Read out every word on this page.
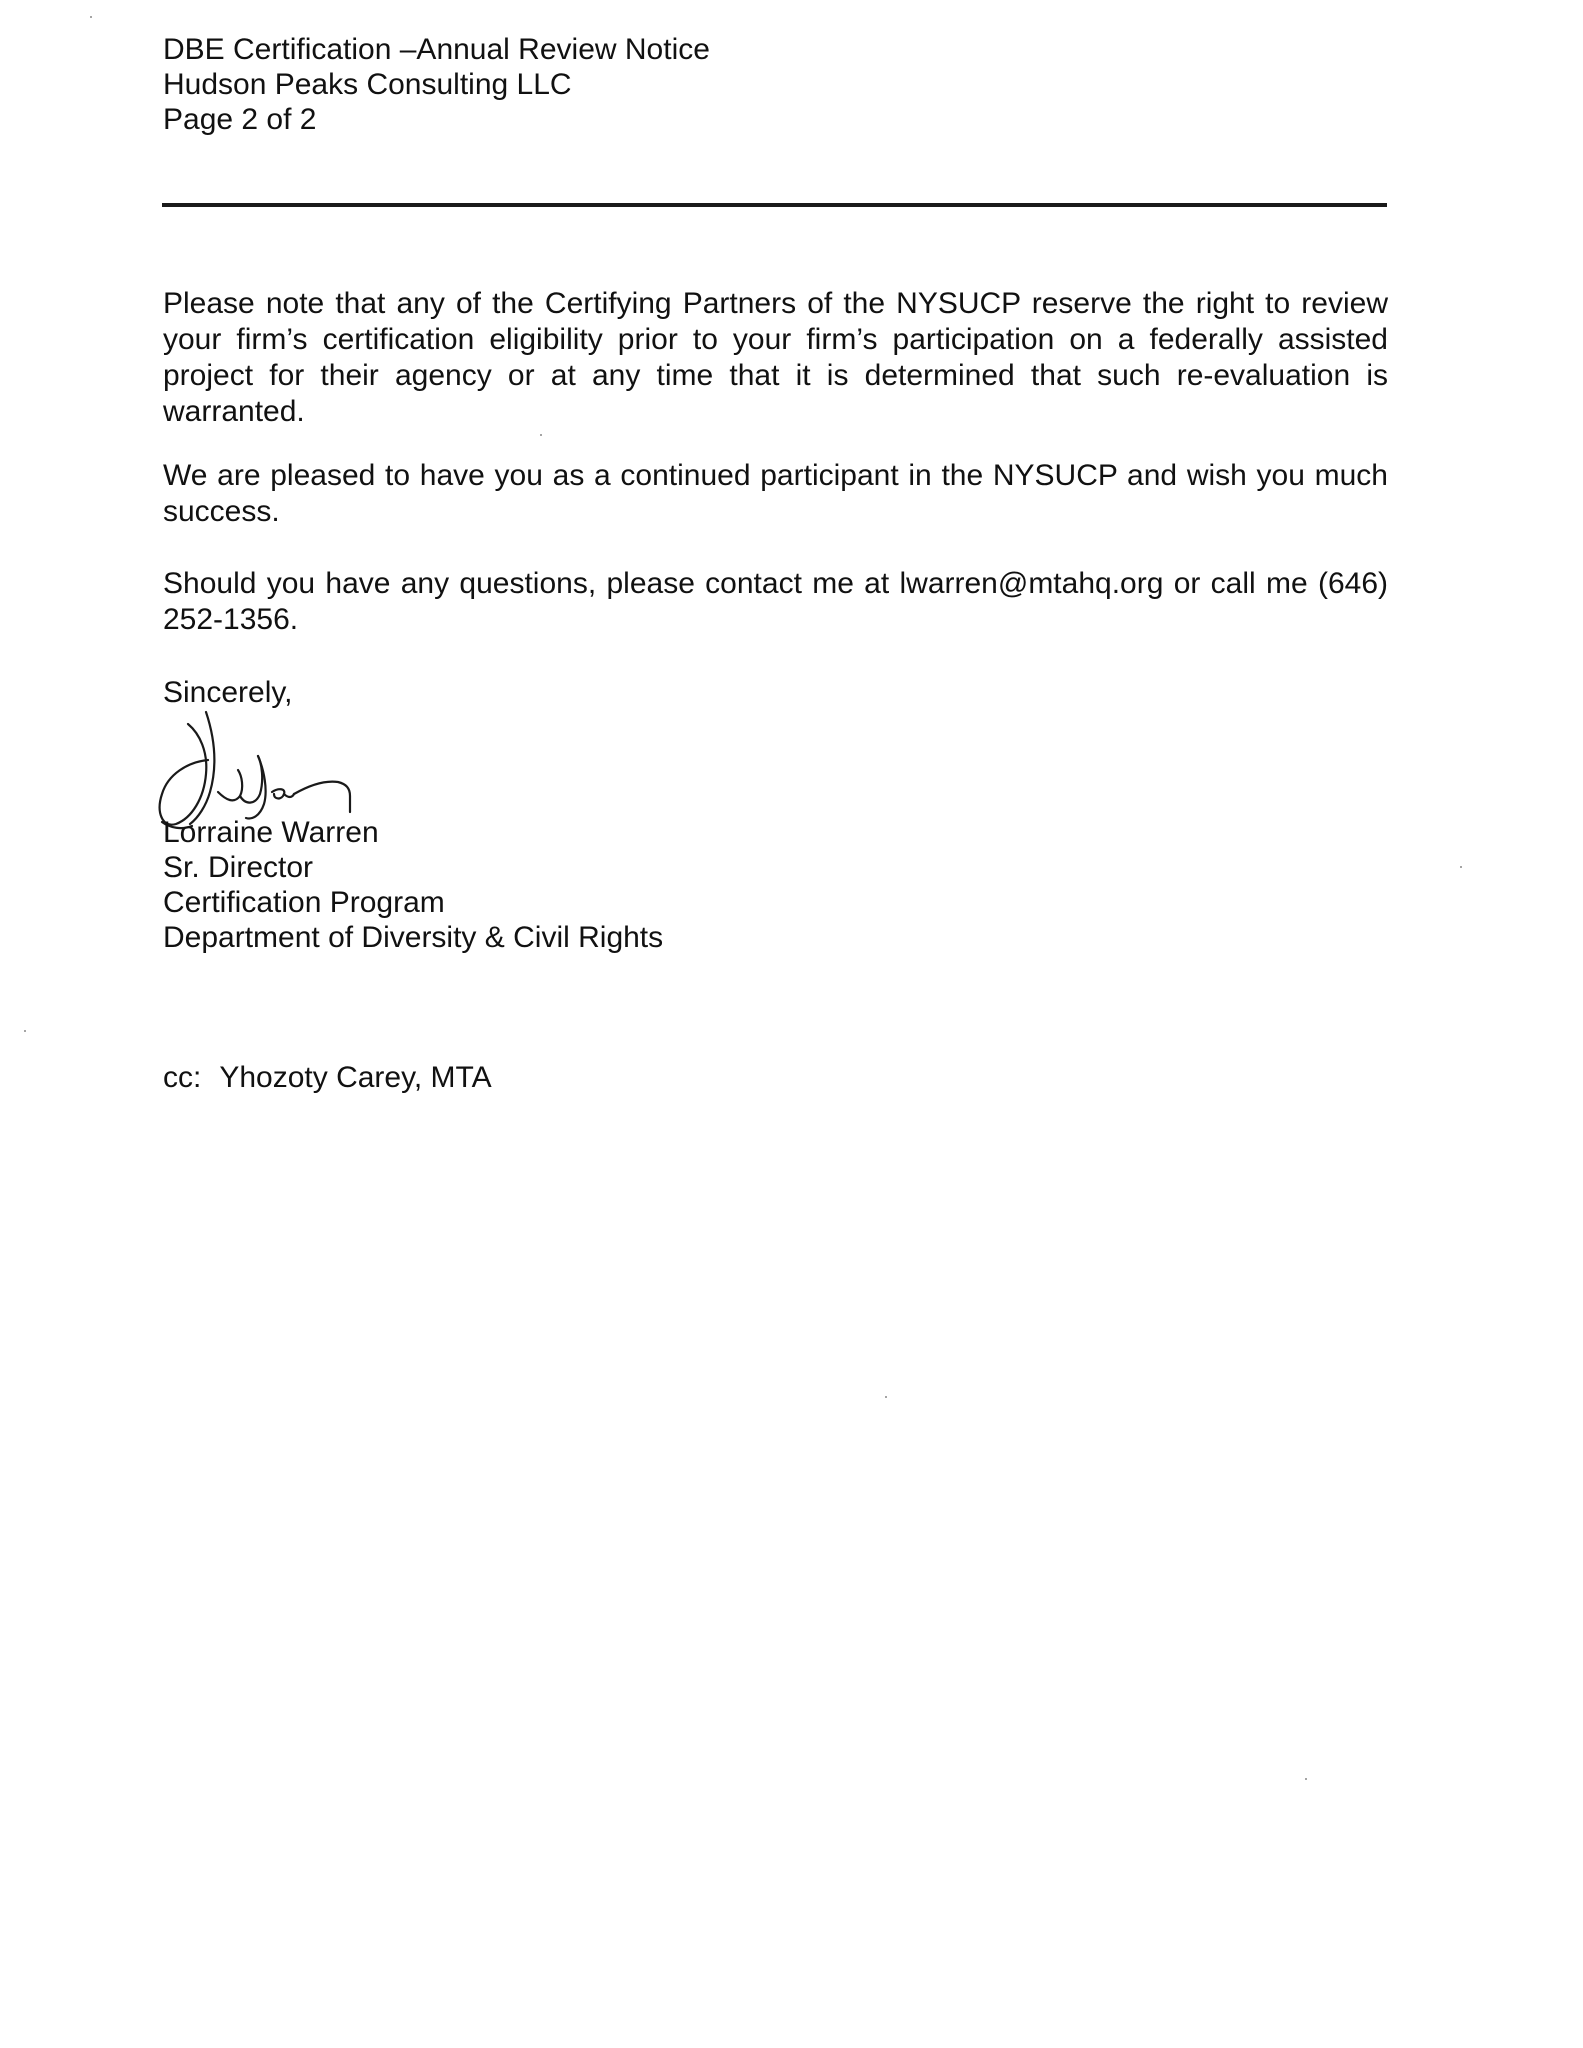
DBE Certification –Annual Review Notice
Hudson Peaks Consulting LLC
Page 2 of 2
Please note that any of the Certifying Partners of the NYSUCP reserve the right to review your firm’s certification eligibility prior to your firm’s participation on a federally assisted project for their agency or at any time that it is determined that such re-evaluation is warranted.
We are pleased to have you as a continued participant in the NYSUCP and wish you much success.
Should you have any questions, please contact me at lwarren@mtahq.org or call me (646) 252-1356.
Sincerely,
Lorraine Warren
Sr. Director
Certification Program
Department of Diversity & Civil Rights
cc: Yhozoty Carey, MTA
